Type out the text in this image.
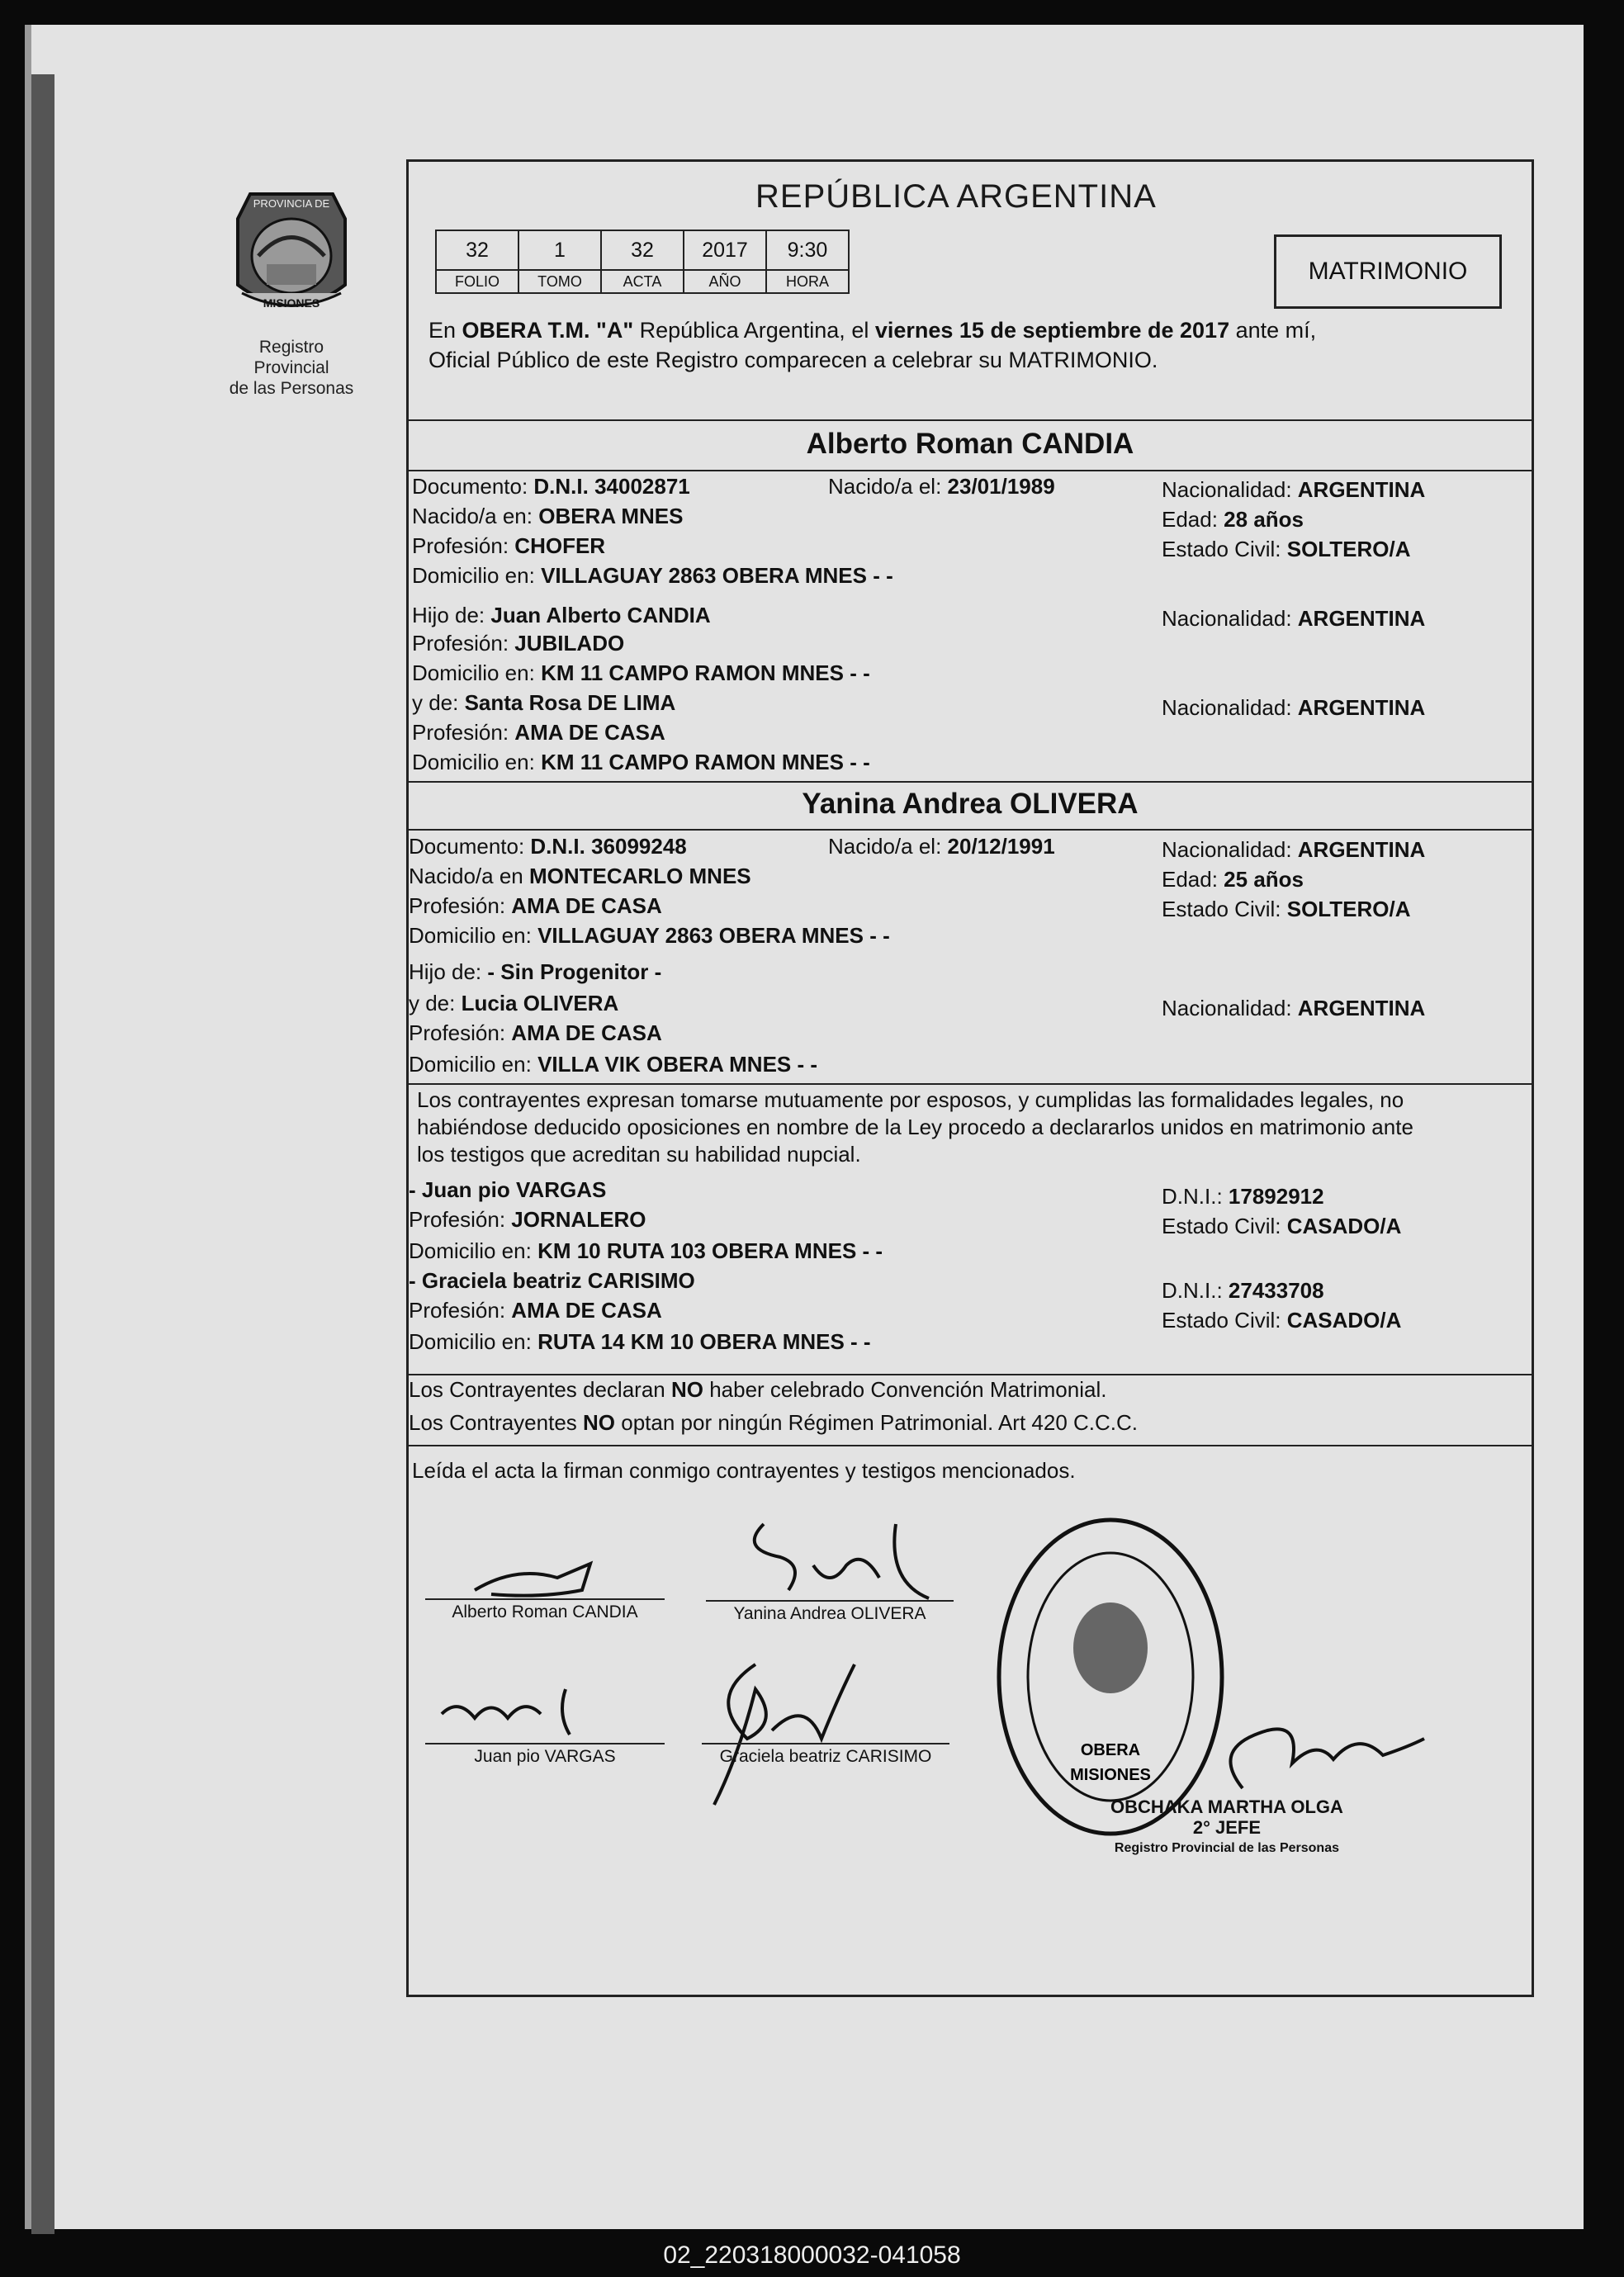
PROVINCIA DE
MISIONES
Registro Provincial
de las Personas
REPÚBLICA ARGENTINA
32	1	32	2017	9:30
FOLIO	TOMO	ACTA	AÑO	HORA	MATRIMONIO
En OBERA T.M. "A" República Argentina, el viernes 15 de septiembre de 2017 ante mí,
Oficial Público de este Registro comparecen a celebrar su MATRIMONIO.
Alberto Roman CANDIA
Documento: D.N.I. 34002871	Nacido/a el: 23/01/1989	Nacionalidad: ARGENTINA
Nacido/a en: OBERA MNES	Edad: 28 años
Profesión: CHOFER	Estado Civil: SOLTERO/A
Domicilio en: VILLAGUAY 2863 OBERA MNES - -
Hijo de: Juan Alberto CANDIA	Nacionalidad: ARGENTINA
Profesión: JUBILADO
Domicilio en: KM 11 CAMPO RAMON MNES - -
y de: Santa Rosa DE LIMA	Nacionalidad: ARGENTINA
Profesión: AMA DE CASA
Domicilio en: KM 11 CAMPO RAMON MNES - -
Yanina Andrea OLIVERA
Documento: D.N.I. 36099248	Nacido/a el: 20/12/1991	Nacionalidad: ARGENTINA
Nacido/a en MONTECARLO MNES	Edad: 25 años
Profesión: AMA DE CASA	Estado Civil: SOLTERO/A
Domicilio en: VILLAGUAY 2863 OBERA MNES - -
Hijo de: - Sin Progenitor -
y de: Lucia OLIVERA	Nacionalidad: ARGENTINA
Profesión: AMA DE CASA
Domicilio en: VILLA VIK OBERA MNES - -
Los contrayentes expresan tomarse mutuamente por esposos, y cumplidas las formalidades legales, no
habiéndose deducido oposiciones en nombre de la Ley procedo a declararlos unidos en matrimonio ante
los testigos que acreditan su habilidad nupcial.
- Juan pio VARGAS	D.N.I.: 17892912
Profesión: JORNALERO	Estado Civil: CASADO/A
Domicilio en: KM 10 RUTA 103 OBERA MNES - -
- Graciela beatriz CARISIMO	D.N.I.: 27433708
Profesión: AMA DE CASA	Estado Civil: CASADO/A
Domicilio en: RUTA 14 KM 10 OBERA MNES - -
Los Contrayentes declaran NO haber celebrado Convención Matrimonial.
Los Contrayentes NO optan por ningún Régimen Patrimonial. Art 420 C.C.C.
Leída el acta la firman conmigo contrayentes y testigos mencionados.
Alberto Roman CANDIA	Yanina Andrea OLIVERA
Juan pio VARGAS	Graciela beatriz CARISIMO	OBERA
MISIONES
OBCHAKA MARTHA OLGA
2° JEFE
Registro Provincial de las Personas
02_220318000032-041058
